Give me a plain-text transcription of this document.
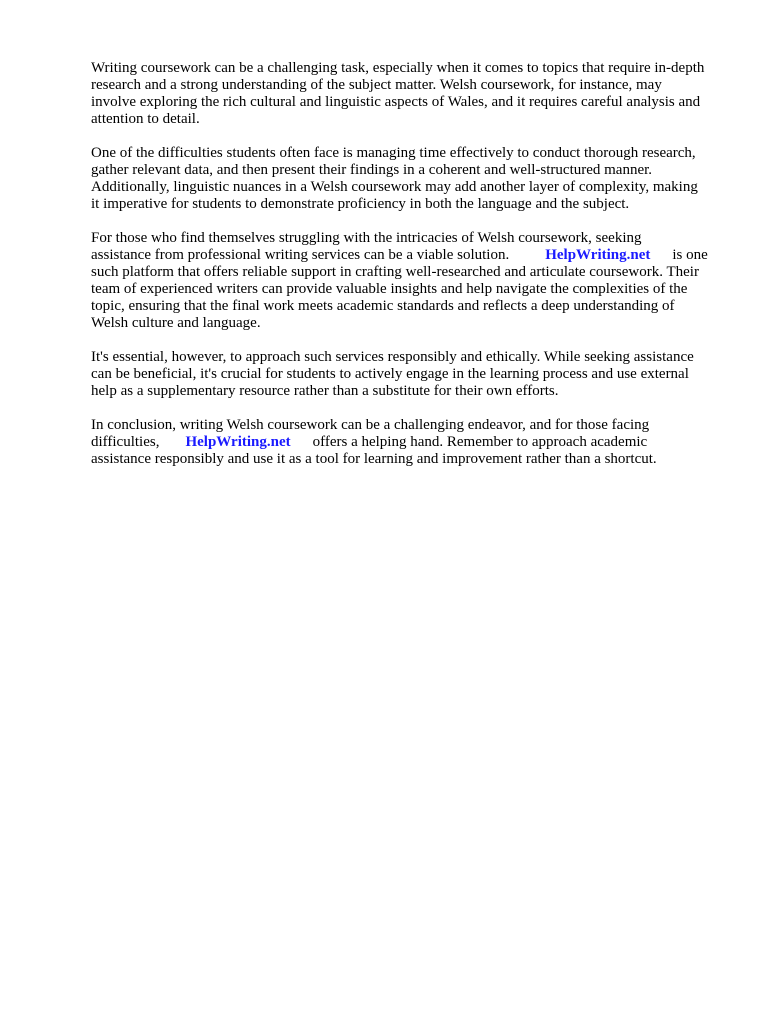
Writing coursework can be a challenging task, especially when it comes to topics that require in-depth
research and a strong understanding of the subject matter. Welsh coursework, for instance, may
involve exploring the rich cultural and linguistic aspects of Wales, and it requires careful analysis and
attention to detail.
One of the difficulties students often face is managing time effectively to conduct thorough research,
gather relevant data, and then present their findings in a coherent and well-structured manner.
Additionally, linguistic nuances in a Welsh coursework may add another layer of complexity, making
it imperative for students to demonstrate proficiency in both the language and the subject.
For those who find themselves struggling with the intricacies of Welsh coursework, seeking
assistance from professional writing services can be a viable solution. HelpWriting.net is one
such platform that offers reliable support in crafting well-researched and articulate coursework. Their
team of experienced writers can provide valuable insights and help navigate the complexities of the
topic, ensuring that the final work meets academic standards and reflects a deep understanding of
Welsh culture and language.
It's essential, however, to approach such services responsibly and ethically. While seeking assistance
can be beneficial, it's crucial for students to actively engage in the learning process and use external
help as a supplementary resource rather than a substitute for their own efforts.
In conclusion, writing Welsh coursework can be a challenging endeavor, and for those facing
difficulties, HelpWriting.net offers a helping hand. Remember to approach academic
assistance responsibly and use it as a tool for learning and improvement rather than a shortcut.
